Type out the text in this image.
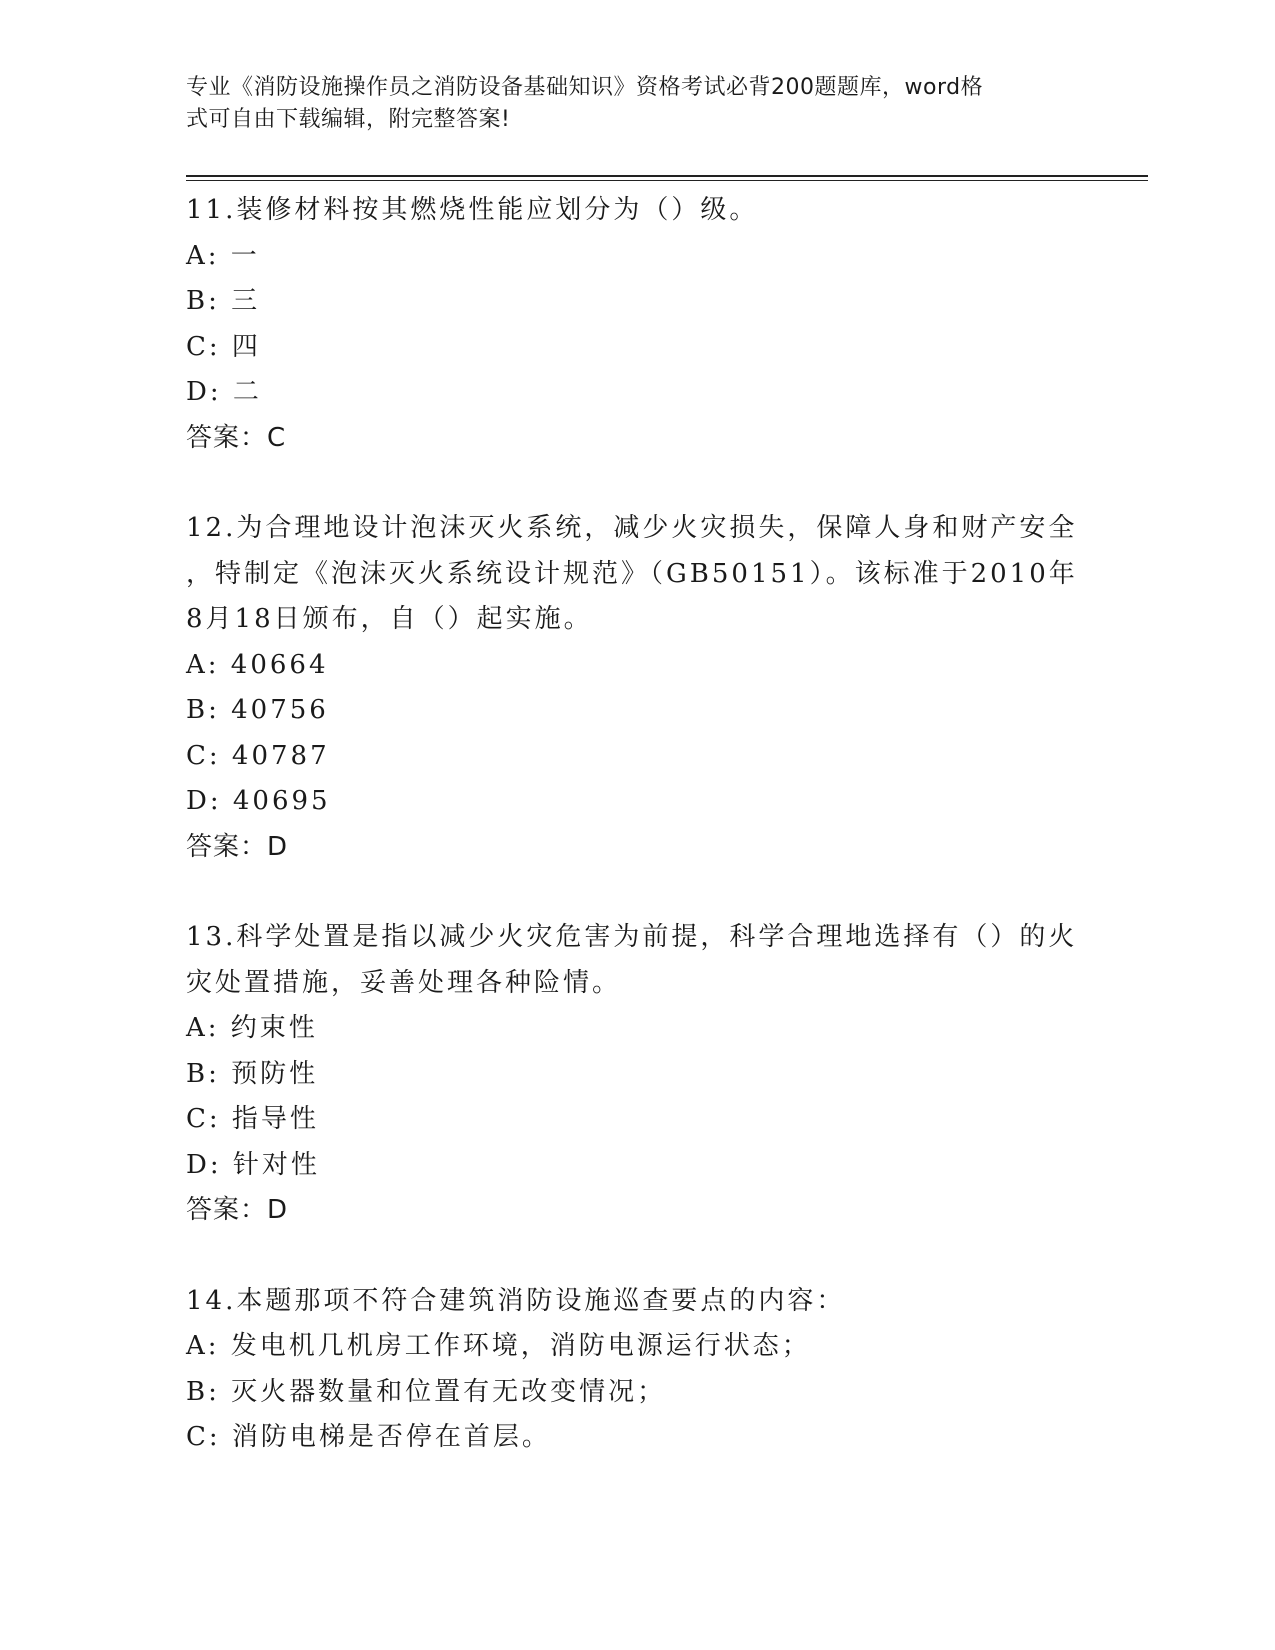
专业《消防设施操作员之消防设备基础知识》资格考试必背200题题库，word格
式可自由下载编辑，附完整答案!
11.装修材料按其燃烧性能应划分为（）级。
A: 一
B: 三
C: 四
D: 二
答案：C
12.为合理地设计泡沫灭火系统，减少火灾损失，保障人身和财产安全
，特制定《泡沫灭火系统设计规范》（GB50151）。该标准于2010年
8月18日颁布，自（）起实施。
A: 40664
B: 40756
C: 40787
D: 40695
答案：D
13.科学处置是指以减少火灾危害为前提，科学合理地选择有（）的火
灾处置措施，妥善处理各种险情。
A: 约束性
B: 预防性
C: 指导性
D: 针对性
答案：D
14.本题那项不符合建筑消防设施巡查要点的内容：
A: 发电机几机房工作环境，消防电源运行状态；
B: 灭火器数量和位置有无改变情况；
C: 消防电梯是否停在首层。
